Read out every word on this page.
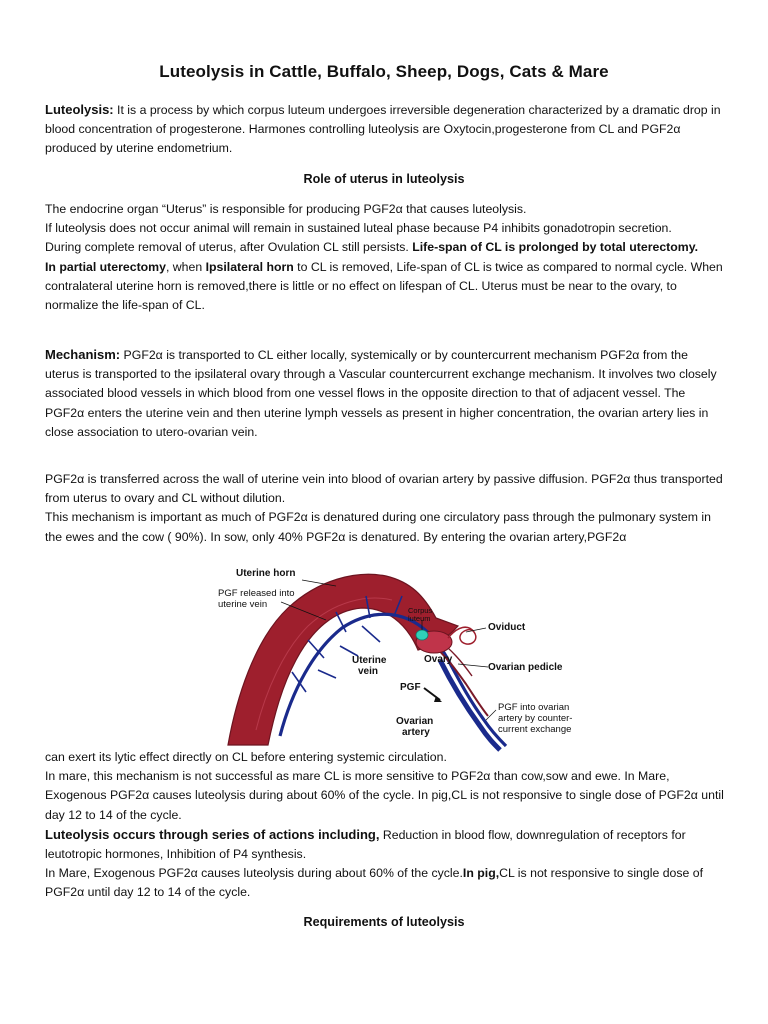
Luteolysis in Cattle, Buffalo, Sheep, Dogs, Cats & Mare

Luteolysis: It is a process by which corpus luteum undergoes irreversible degeneration characterized by a dramatic drop in blood concentration of progesterone. Harmones controlling luteolysis are Oxytocin,progesterone from CL and PGF2α produced by uterine endometrium.

Role of uterus in luteolysis

The endocrine organ “Uterus” is responsible for producing PGF2α that causes luteolysis.

If luteolysis does not occur animal will remain in sustained luteal phase because P4 inhibits gonadotropin secretion.

During complete removal of uterus, after Ovulation CL still persists. Life-span of CL is prolonged by total uterectomy.

In partial uterectomy, when Ipsilateral horn to CL is removed, Life-span of CL is twice as compared to normal cycle. When contralateral uterine horn is removed,there is little or no effect on lifespan of CL. Uterus must be near to the ovary, to normalize the life-span of CL.

Mechanism: PGF2α is transported to CL either locally, systemically or by countercurrent mechanism PGF2α from the uterus is transported to the ipsilateral ovary through a Vascular countercurrent exchange mechanism. It involves two closely associated blood vessels in which blood from one vessel flows in the opposite direction to that of adjacent vessel. The PGF2α enters the uterine vein and then uterine lymph vessels as present in higher concentration, the ovarian artery lies in close association to utero-ovarian vein.

PGF2α is transferred across the wall of uterine vein into blood of ovarian artery by passive diffusion. PGF2α thus transported from uterus to ovary and CL without dilution.

This mechanism is important as much of PGF2α is denatured during one circulatory pass through the pulmonary system in the ewes and the cow ( 90%). In sow, only 40% PGF2α is denatured. By entering the ovarian artery,PGF2α

Uterine horn
PGF released into
uterine vein
Corpus
luteum
Oviduct
Ovary
Uterine
vein	Ovarian pedicle
PGF
PGF into ovarian
artery by counter-
current exchange
Ovarian
artery

can exert its lytic effect directly on CL before entering systemic circulation.

In mare, this mechanism is not successful as mare CL is more sensitive to PGF2α than cow,sow and ewe. In Mare, Exogenous PGF2α causes luteolysis during about 60% of the cycle. In pig,CL is not responsive to single dose of PGF2α until day 12 to 14 of the cycle.

Luteolysis occurs through series of actions including, Reduction in blood flow, downregulation of receptors for leutotropic hormones, Inhibition of P4 synthesis.

In Mare, Exogenous PGF2α causes luteolysis during about 60% of the cycle.In pig,CL is not responsive to single dose of PGF2α until day 12 to 14 of the cycle.

Requirements of luteolysis
